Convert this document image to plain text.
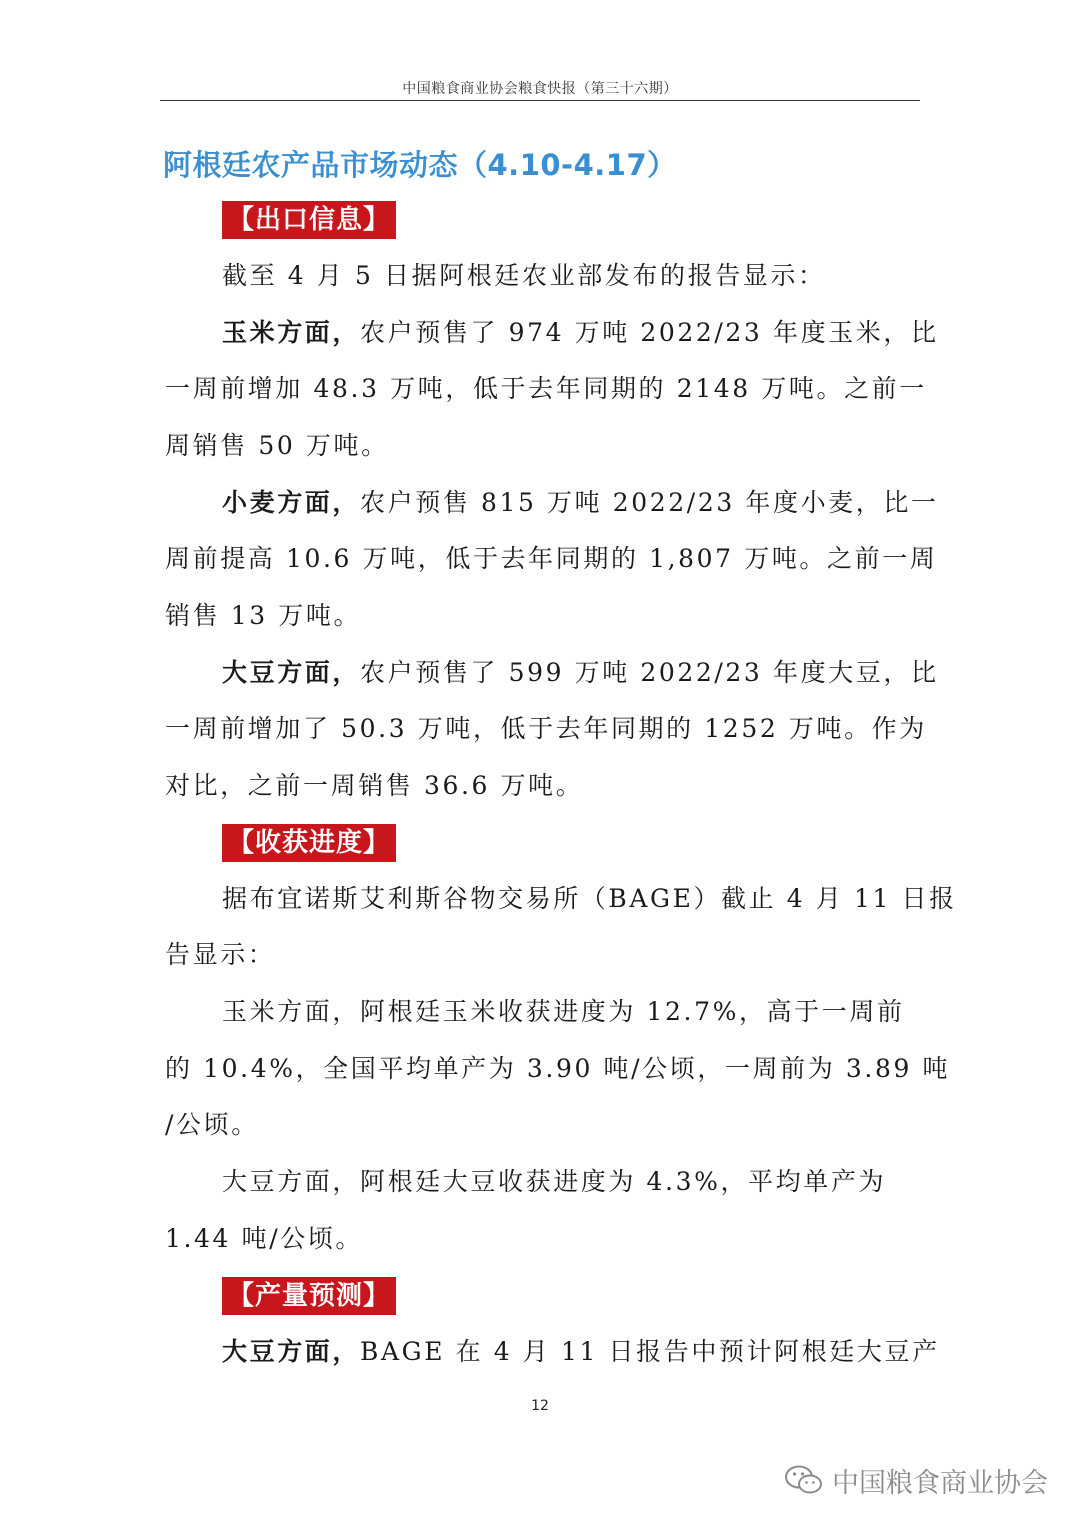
中国粮食商业协会粮食快报（第三十六期）
阿根廷农产品市场动态（4.10-4.17）
【出口信息】
截至 4 月 5 日据阿根廷农业部发布的报告显示：
玉米方面，农户预售了 974 万吨 2022/23 年度玉米，比
一周前增加 48.3 万吨，低于去年同期的 2148 万吨。之前一
周销售 50 万吨。
小麦方面，农户预售 815 万吨 2022/23 年度小麦，比一
周前提高 10.6 万吨，低于去年同期的 1,807 万吨。之前一周
销售 13 万吨。
大豆方面，农户预售了 599 万吨 2022/23 年度大豆，比
一周前增加了 50.3 万吨，低于去年同期的 1252 万吨。作为
对比，之前一周销售 36.6 万吨。
【收获进度】
据布宜诺斯艾利斯谷物交易所（BAGE）截止 4 月 11 日报
告显示：
玉米方面，阿根廷玉米收获进度为 12.7%，高于一周前
的 10.4%，全国平均单产为 3.90 吨/公顷，一周前为 3.89 吨
/公顷。
大豆方面，阿根廷大豆收获进度为 4.3%，平均单产为
1.44 吨/公顷。
【产量预测】
大豆方面，BAGE 在 4 月 11 日报告中预计阿根廷大豆产
12
中国粮食商业协会
